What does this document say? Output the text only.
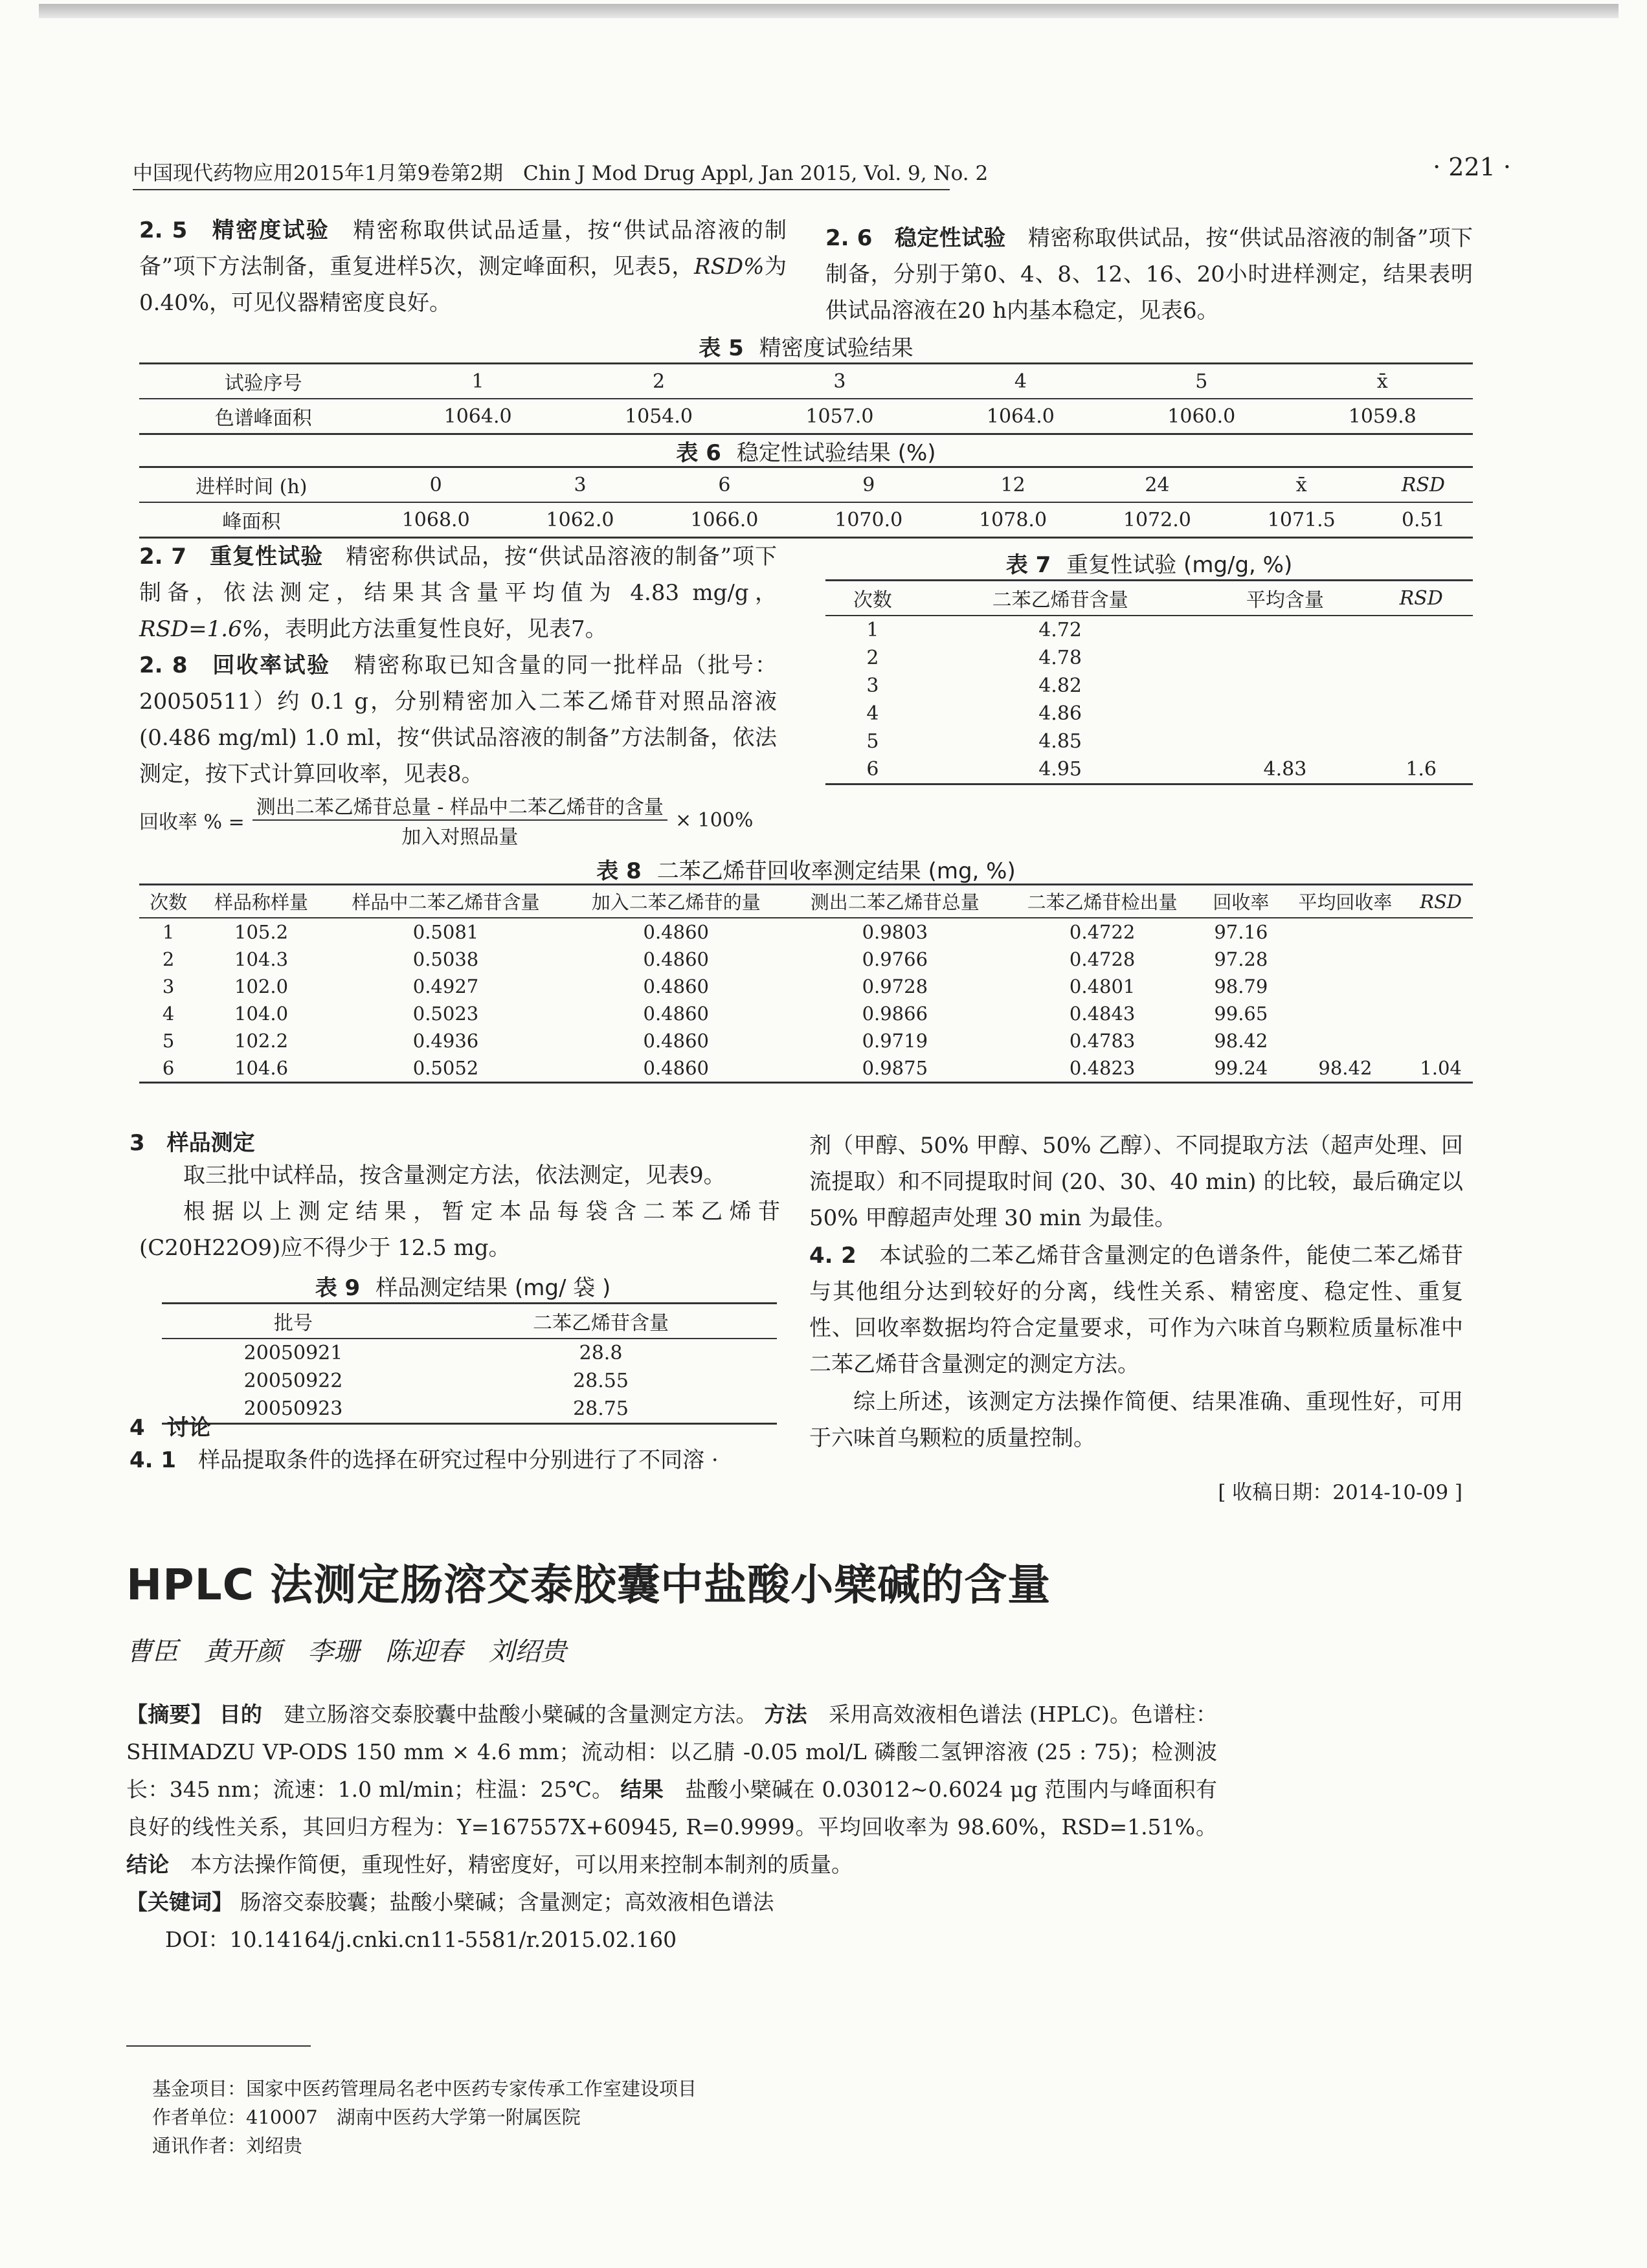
中国现代药物应用2015年1月第9卷第2期　Chin J Mod Drug Appl, Jan 2015, Vol. 9, No. 2	· 221 ·
2. 5　精密度试验　 精密称取供试品适量，按“供试品溶液的制备”项下方法制备，重复进样5次，测定峰面积，见表5，RSD%为 0.40%，可见仪器精密度良好。
2. 6　稳定性试验　 精密称取供试品，按“供试品溶液的制备”项下制备，分别于第0、4、8、12、16、20小时进样测定，结果表明供试品溶液在20 h内基本稳定，见表6。
表 5 精密度试验结果
试验序号	1	2	3	4	5	x̄
色谱峰面积	1064.0	1054.0	1057.0	1064.0	1060.0	1059.8
表 6 稳定性试验结果 (%)
进样时间 (h)	0	3	6	9	12	24	x̄	RSD
峰面积	1068.0	1062.0	1066.0	1070.0	1078.0	1072.0	1071.5	0.51
2. 7　重复性试验　 精密称供试品，按“供试品溶液的制备”项下制备，依法测定，结果其含量平均值为 4.83 mg/g，RSD=1.6%，表明此方法重复性良好，见表7。
2. 8　回收率试验　 精密称取已知含量的同一批样品（批号：20050511）约 0.1 g，分别精密加入二苯乙烯苷对照品溶液 (0.486 mg/ml) 1.0 ml，按“供试品溶液的制备”方法制备，依法测定，按下式计算回收率，见表8。
回收率 % = $\frac{\text{测出二苯乙烯苷总量 - 样品中二苯乙烯苷的含量}}{\text{加入对照品量}} \times 100\%$
表 7 重复性试验 (mg/g, %)
次数	二苯乙烯苷含量	平均含量	RSD
1	4.72		
2	4.78		
3	4.82		
4	4.86		
5	4.85		
6	4.95	4.83	1.6
表 8 二苯乙烯苷回收率测定结果 (mg, %)
次数	样品称样量	样品中二苯乙烯苷含量	加入二苯乙烯苷的量	测出二苯乙烯苷总量	二苯乙烯苷检出量	回收率	平均回收率	RSD
1	105.2	0.5081	0.4860	0.9803	0.4722	97.16		
2	104.3	0.5038	0.4860	0.9766	0.4728	97.28		
3	102.0	0.4927	0.4860	0.9728	0.4801	98.79		
4	104.0	0.5023	0.4860	0.9866	0.4843	99.65		
5	102.2	0.4936	0.4860	0.9719	0.4783	98.42		
6	104.6	0.5052	0.4860	0.9875	0.4823	99.24	98.42	1.04
3　样品测定
取三批中试样品，按含量测定方法，依法测定，见表9。
根据以上测定结果，暂定本品每袋含二苯乙烯苷(C20H22O9)应不得少于 12.5 mg。
表 9 样品测定结果 (mg/ 袋 )
批号	二苯乙烯苷含量
20050921	28.8
20050922	28.55
20050923	28.75
4　讨论
4. 1　 样品提取条件的选择在研究过程中分别进行了不同溶 ·
剂（甲醇、50% 甲醇、50% 乙醇）、不同提取方法（超声处理、回流提取）和不同提取时间 (20、30、40 min) 的比较，最后确定以 50% 甲醇超声处理 30 min 为最佳。
4. 2　 本试验的二苯乙烯苷含量测定的色谱条件，能使二苯乙烯苷与其他组分达到较好的分离，线性关系、精密度、稳定性、重复性、回收率数据均符合定量要求，可作为六味首乌颗粒质量标准中二苯乙烯苷含量测定的测定方法。
综上所述，该测定方法操作简便、结果准确、重现性好，可用于六味首乌颗粒的质量控制。
[ 收稿日期：2014-10-09 ]
HPLC 法测定肠溶交泰胶囊中盐酸小檗碱的含量
曹臣　黄开颜　李珊　陈迎春　刘绍贵
【摘要】 目的　 建立肠溶交泰胶囊中盐酸小檗碱的含量测定方法。 方法　 采用高效液相色谱法 (HPLC)。色谱柱：SHIMADZU VP-ODS 150 mm × 4.6 mm；流动相：以乙腈 -0.05 mol/L 磷酸二氢钾溶液 (25 : 75)；检测波长：345 nm；流速：1.0 ml/min；柱温：25℃。 结果　 盐酸小檗碱在 0.03012~0.6024 μg 范围内与峰面积有良好的线性关系，其回归方程为：Y=167557X+60945, R=0.9999。平均回收率为 98.60%，RSD=1.51%。 结论　 本方法操作简便，重现性好，精密度好，可以用来控制本制剂的质量。
【关键词】 肠溶交泰胶囊；盐酸小檗碱；含量测定；高效液相色谱法
DOI：10.14164/j.cnki.cn11-5581/r.2015.02.160
基金项目：国家中医药管理局名老中医药专家传承工作室建设项目
作者单位：410007　湖南中医药大学第一附属医院
通讯作者：刘绍贵
